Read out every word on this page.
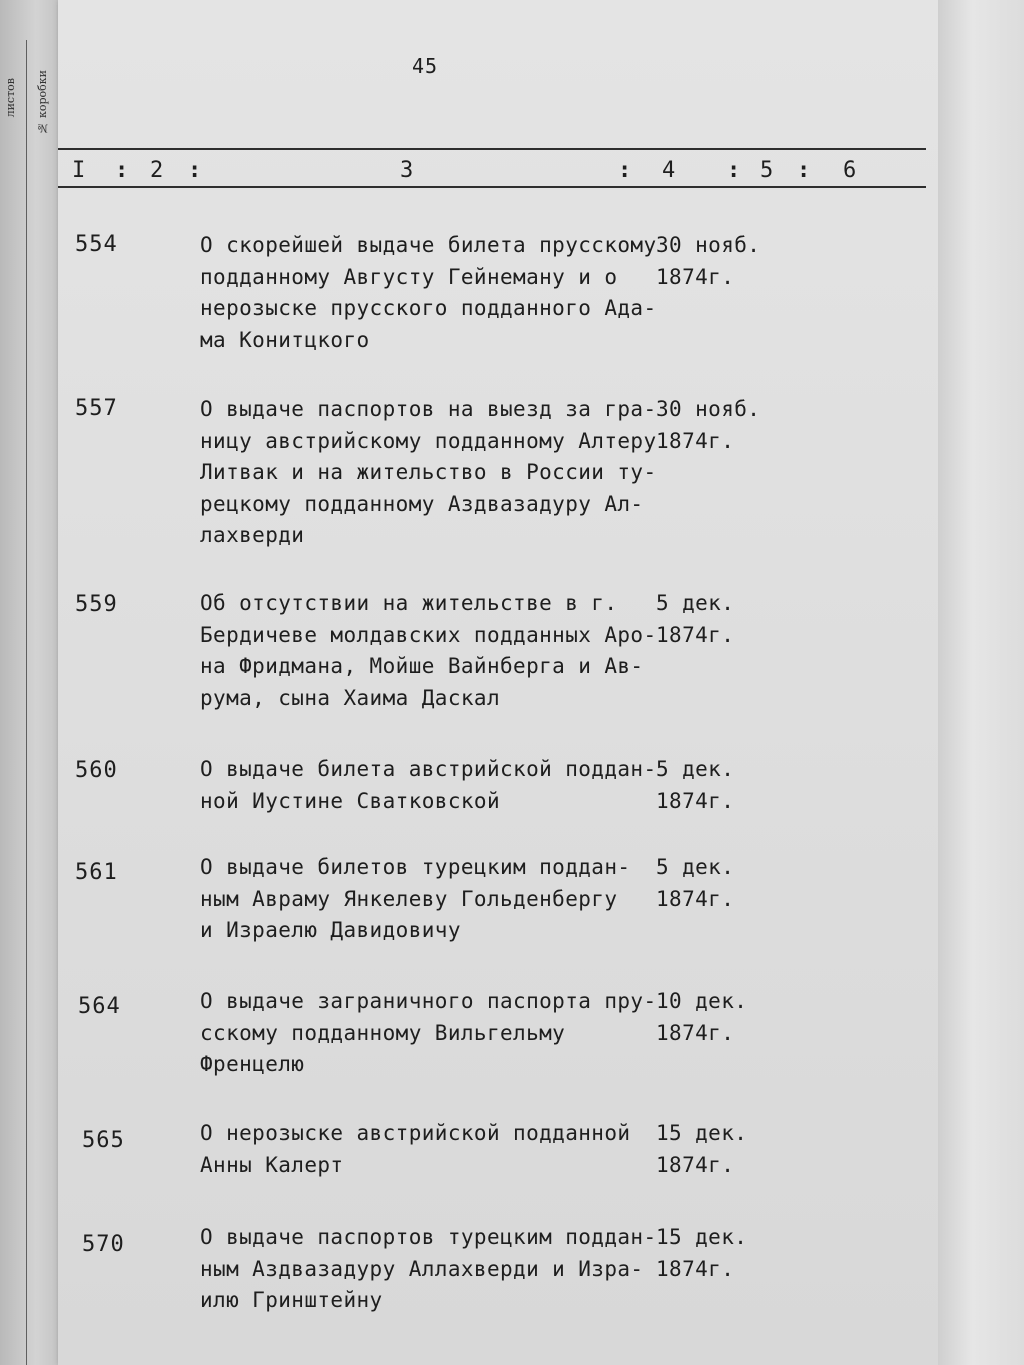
листов № коробки
45
I : 2 :	3	: 4 : 5 : 6
554	О скорейшей выдаче билета прусскому
подданному Августу Гейнеману и о
нерозыске прусского подданного Ада-
ма Конитцкого
30 нояб.
1874г.
557	О выдаче паспортов на выезд за гра-
ницу австрийскому подданному Алтеру
Литвак и на жительство в России ту-
рецкому подданному Аздвазадуру Ал-
лахверди
30 нояб.
1874г.
559	Об отсутствии на жительстве в г.
Бердичеве молдавских подданных Аро-
на Фридмана, Мойше Вайнберга и Ав-
рума, сына Хаима Даскал
5 дек.
1874г.
560	О выдаче билета австрийской поддан-
ной Иустине Сватковской
5 дек.
1874г.
561	О выдаче билетов турецким поддан-
ным Авраму Янкелеву Гольденбергу
и Израелю Давидовичу
5 дек.
1874г.
564	О выдаче заграничного паспорта пру-
сскому подданному Вильгельму
Френцелю
10 дек.
1874г.
565	О нерозыске австрийской подданной
Анны Калерт
15 дек.
1874г.
570	О выдаче паспортов турецким поддан-
ным Аздвазадуру Аллахверди и Изра-
илю Гринштейну
15 дек.
1874г.
